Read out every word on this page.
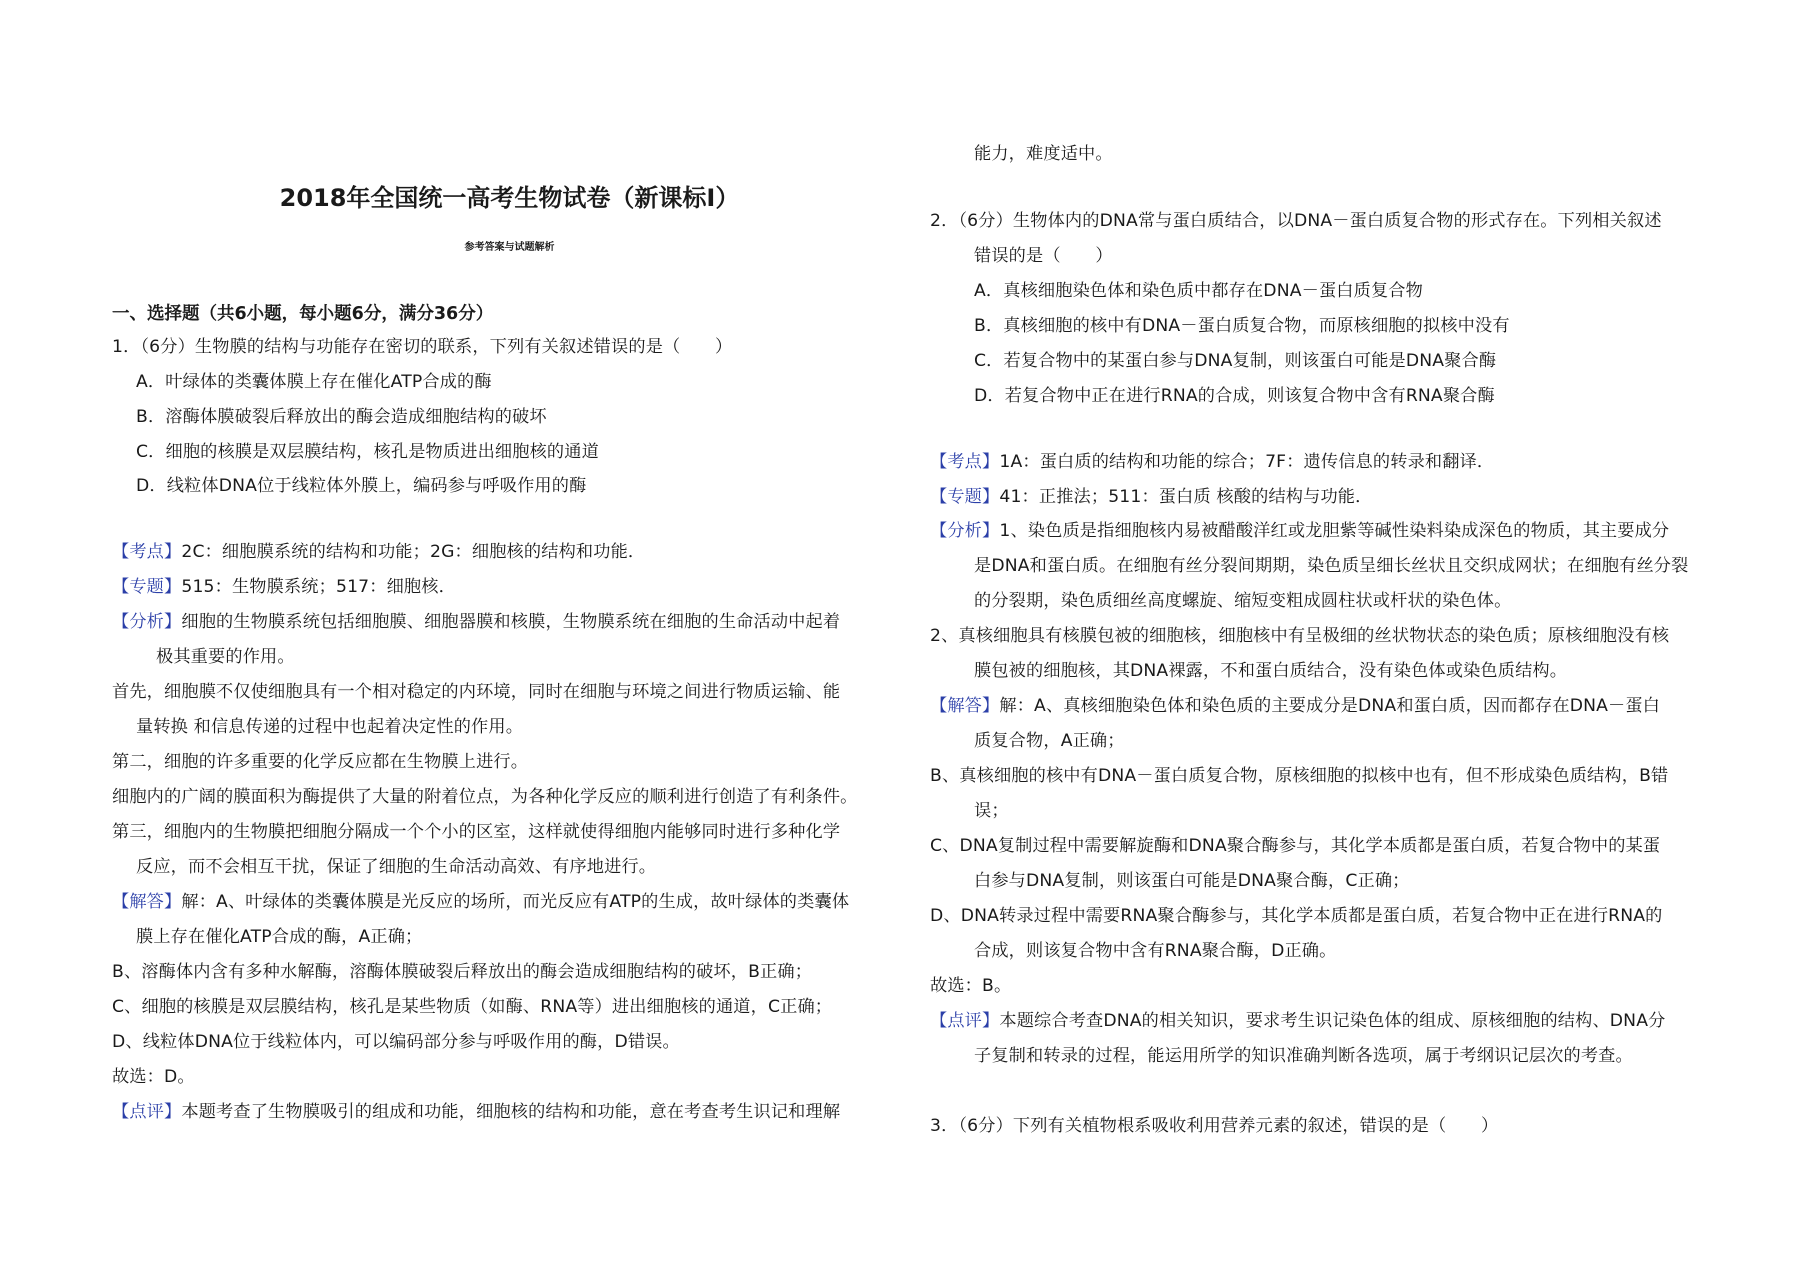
2018年全国统一高考生物试卷（新课标I）
参考答案与试题解析
一、选择题（共6小题，每小题6分，满分36分）
1．（6分）生物膜的结构与功能存在密切的联系，下列有关叙述错误的是（　　）
A．叶绿体的类囊体膜上存在催化ATP合成的酶
B．溶酶体膜破裂后释放出的酶会造成细胞结构的破坏
C．细胞的核膜是双层膜结构，核孔是物质进出细胞核的通道
D．线粒体DNA位于线粒体外膜上，编码参与呼吸作用的酶
【考点】2C：细胞膜系统的结构和功能；2G：细胞核的结构和功能．
【专题】515：生物膜系统；517：细胞核．
【分析】细胞的生物膜系统包括细胞膜、细胞器膜和核膜，生物膜系统在细胞的生命活动中起着
极其重要的作用。
首先，细胞膜不仅使细胞具有一个相对稳定的内环境，同时在细胞与环境之间进行物质运输、能
量转换 和信息传递的过程中也起着决定性的作用。
第二，细胞的许多重要的化学反应都在生物膜上进行。
细胞内的广阔的膜面积为酶提供了大量的附着位点，为各种化学反应的顺利进行创造了有利条件。
第三，细胞内的生物膜把细胞分隔成一个个小的区室，这样就使得细胞内能够同时进行多种化学
反应，而不会相互干扰，保证了细胞的生命活动高效、有序地进行。
【解答】解：A、叶绿体的类囊体膜是光反应的场所，而光反应有ATP的生成，故叶绿体的类囊体
膜上存在催化ATP合成的酶，A正确；
B、溶酶体内含有多种水解酶，溶酶体膜破裂后释放出的酶会造成细胞结构的破坏，B正确；
C、细胞的核膜是双层膜结构，核孔是某些物质（如酶、RNA等）进出细胞核的通道，C正确；
D、线粒体DNA位于线粒体内，可以编码部分参与呼吸作用的酶，D错误。
故选：D。
【点评】本题考查了生物膜吸引的组成和功能，细胞核的结构和功能，意在考查考生识记和理解
能力，难度适中。
2．（6分）生物体内的DNA常与蛋白质结合，以DNA－蛋白质复合物的形式存在。下列相关叙述
错误的是（　　）
A．真核细胞染色体和染色质中都存在DNA－蛋白质复合物
B．真核细胞的核中有DNA－蛋白质复合物，而原核细胞的拟核中没有
C．若复合物中的某蛋白参与DNA复制，则该蛋白可能是DNA聚合酶
D．若复合物中正在进行RNA的合成，则该复合物中含有RNA聚合酶
【考点】1A：蛋白质的结构和功能的综合；7F：遗传信息的转录和翻译．
【专题】41：正推法；511：蛋白质 核酸的结构与功能．
【分析】1、染色质是指细胞核内易被醋酸洋红或龙胆紫等碱性染料染成深色的物质，其主要成分
是DNA和蛋白质。在细胞有丝分裂间期期，染色质呈细长丝状且交织成网状；在细胞有丝分裂
的分裂期，染色质细丝高度螺旋、缩短变粗成圆柱状或杆状的染色体。
2、真核细胞具有核膜包被的细胞核，细胞核中有呈极细的丝状物状态的染色质；原核细胞没有核
膜包被的细胞核，其DNA裸露，不和蛋白质结合，没有染色体或染色质结构。
【解答】解：A、真核细胞染色体和染色质的主要成分是DNA和蛋白质，因而都存在DNA－蛋白
质复合物，A正确；
B、真核细胞的核中有DNA－蛋白质复合物，原核细胞的拟核中也有，但不形成染色质结构，B错
误；
C、DNA复制过程中需要解旋酶和DNA聚合酶参与，其化学本质都是蛋白质，若复合物中的某蛋
白参与DNA复制，则该蛋白可能是DNA聚合酶，C正确；
D、DNA转录过程中需要RNA聚合酶参与，其化学本质都是蛋白质，若复合物中正在进行RNA的
合成，则该复合物中含有RNA聚合酶，D正确。
故选：B。
【点评】本题综合考查DNA的相关知识，要求考生识记染色体的组成、原核细胞的结构、DNA分
子复制和转录的过程，能运用所学的知识准确判断各选项，属于考纲识记层次的考查。
3．（6分）下列有关植物根系吸收利用营养元素的叙述，错误的是（　　）
